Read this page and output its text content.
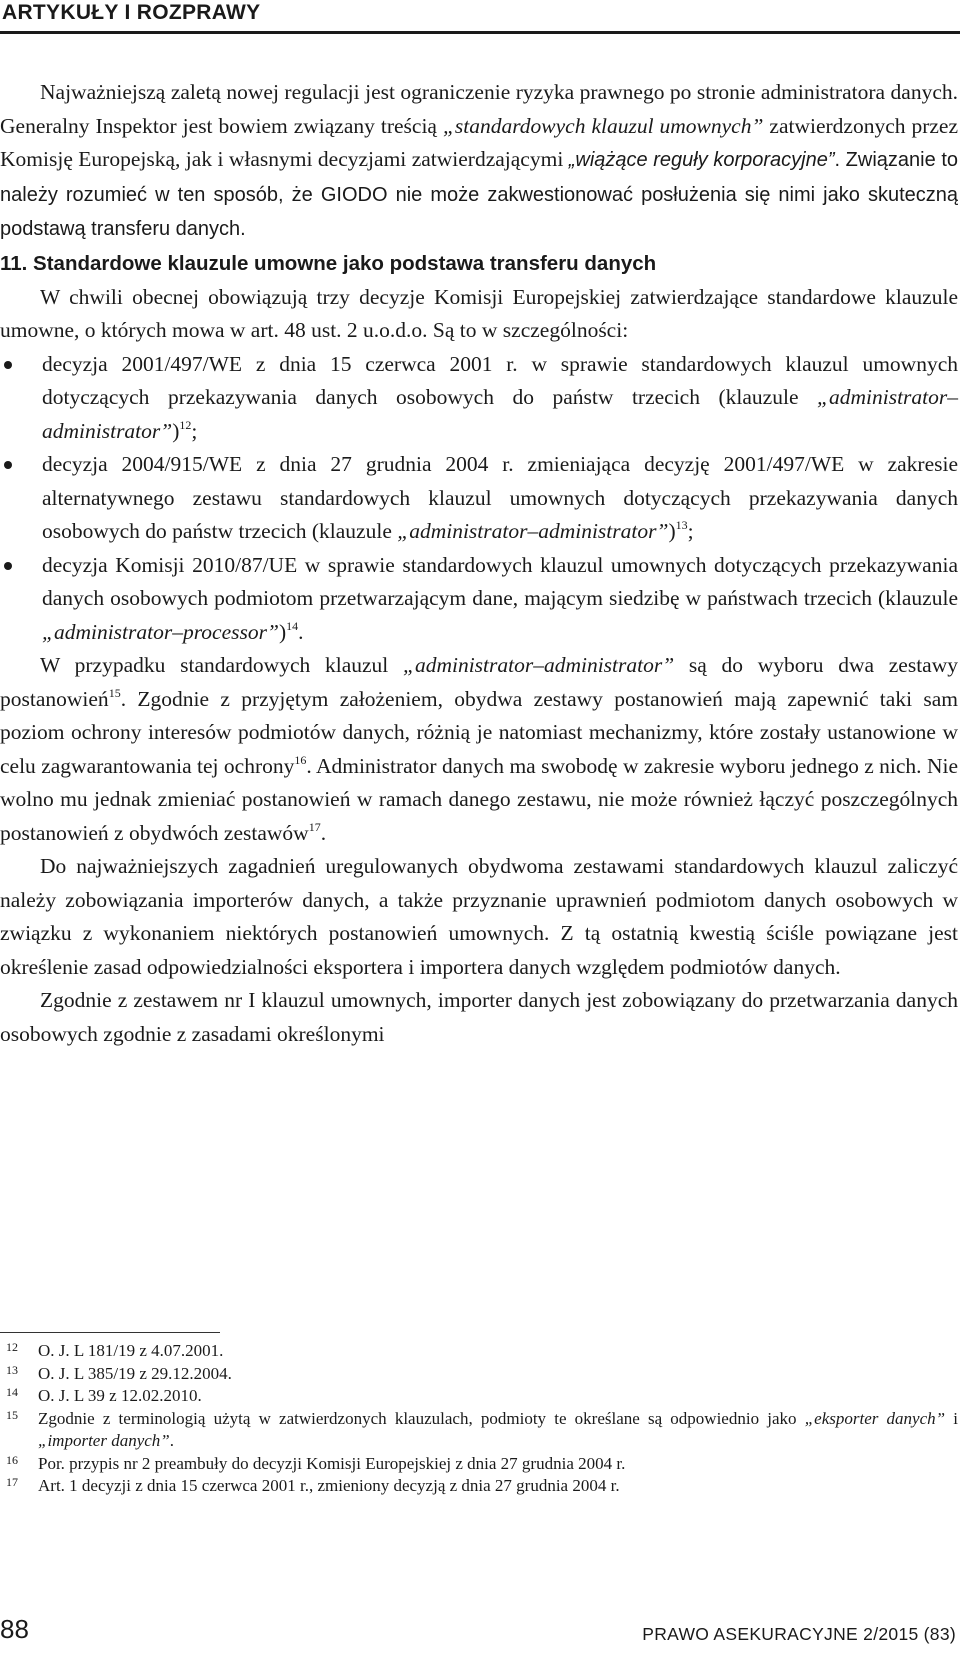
ARTYKUŁY I ROZPRAWY

Najważniejszą zaletą nowej regulacji jest ograniczenie ryzyka prawnego po stronie administratora danych. Generalny Inspektor jest bowiem związany treścią „standardowych klauzul umownych” zatwierdzonych przez Komisję Europejską, jak i własnymi decyzjami zatwierdzającymi „wiążące reguły korporacyjne”. Związanie to należy rozumieć w ten sposób, że GIODO nie może zakwestionować posłużenia się nimi jako skuteczną podstawą transferu danych.

11. Standardowe klauzule umowne jako podstawa transferu danych

W chwili obecnej obowiązują trzy decyzje Komisji Europejskiej zatwierdzające standardowe klauzule umowne, o których mowa w art. 48 ust. 2 u.o.d.o. Są to w szczególności:

decyzja 2001/497/WE z dnia 15 czerwca 2001 r. w sprawie standardowych klauzul umownych dotyczących przekazywania danych osobowych do państw trzecich (klauzule „administrator–administrator”)$^{12}$;
decyzja 2004/915/WE z dnia 27 grudnia 2004 r. zmieniająca decyzję 2001/497/WE w zakresie alternatywnego zestawu standardowych klauzul umownych dotyczących przekazywania danych osobowych do państw trzecich (klauzule „administrator–administrator”)$^{13}$;
decyzja Komisji 2010/87/UE w sprawie standardowych klauzul umownych dotyczących przekazywania danych osobowych podmiotom przetwarzającym dane, mającym siedzibę w państwach trzecich (klauzule „administrator–processor”)$^{14}$.

W przypadku standardowych klauzul „administrator–administrator” są do wyboru dwa zestawy postanowień$^{15}$. Zgodnie z przyjętym założeniem, obydwa zestawy postanowień mają zapewnić taki sam poziom ochrony interesów podmiotów danych, różnią je natomiast mechanizmy, które zostały ustanowione w celu zagwarantowania tej ochrony$^{16}$. Administrator danych ma swobodę w zakresie wyboru jednego z nich. Nie wolno mu jednak zmieniać postanowień w ramach danego zestawu, nie może również łączyć poszczególnych postanowień z obydwóch zestawów$^{17}$.

Do najważniejszych zagadnień uregulowanych obydwoma zestawami standardowych klauzul zaliczyć należy zobowiązania importerów danych, a także przyznanie uprawnień podmiotom danych osobowych w związku z wykonaniem niektórych postanowień umownych. Z tą ostatnią kwestią ściśle powiązane jest określenie zasad odpowiedzialności eksportera i importera danych względem podmiotów danych.

Zgodnie z zestawem nr I klauzul umownych, importer danych jest zobowiązany do przetwarzania danych osobowych zgodnie z zasadami określonymi

12 O. J. L 181/19 z 4.07.2001.
13 O. J. L 385/19 z 29.12.2004.
14 O. J. L 39 z 12.02.2010.
15 Zgodnie z terminologią użytą w zatwierdzonych klauzulach, podmioty te określane są odpowiednio jako „eksporter danych” i „importer danych”.
16 Por. przypis nr 2 preambuły do decyzji Komisji Europejskiej z dnia 27 grudnia 2004 r.
17 Art. 1 decyzji z dnia 15 czerwca 2001 r., zmieniony decyzją z dnia 27 grudnia 2004 r.
88	PRAWO ASEKURACYJNE 2/2015 (83)
